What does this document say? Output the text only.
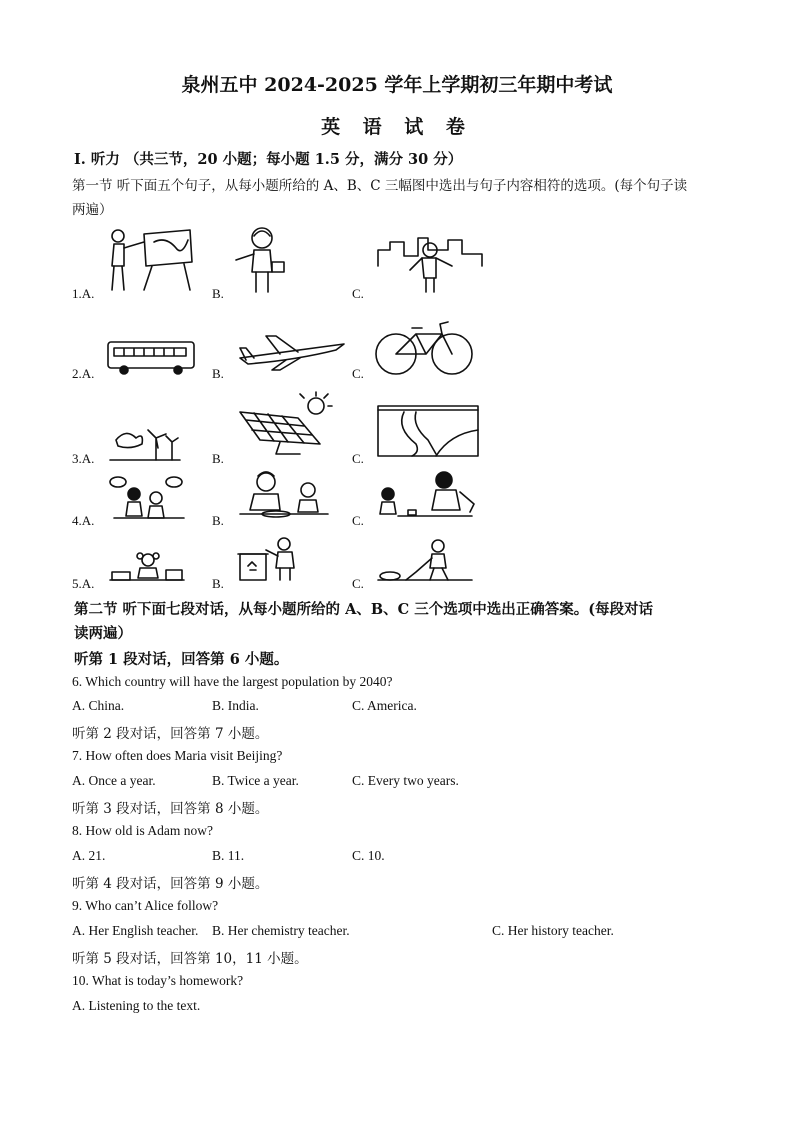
泉州五中 2024-2025 学年上学期初三年期中考试
英 语 试 卷
Ⅰ. 听力 （共三节，20 小题；每小题 1.5 分，满分 30 分）
第一节 听下面五个句子，从每小题所给的 A、B、C 三幅图中选出与句子内容相符的选项。(每个句子读
两遍）
1.A.	B.	C.
2.A.	B.	C.
3.A.	B.	C.
4.A.	B.	C.
5.A.	B.	C.
第二节 听下面七段对话，从每小题所给的 A、B、C 三个选项中选出正确答案。(每段对话
读两遍）
听第 1 段对话，回答第 6 小题。
6. Which country will have the largest population by 2040?
A. China.	B. India.	C. America.
听第 2 段对话，回答第 7 小题。
7. How often does Maria visit Beijing?
A. Once a year.	B. Twice a year.	C. Every two years.
听第 3 段对话，回答第 8 小题。
8. How old is Adam now?
A. 21.	B. 11.	C. 10.
听第 4 段对话，回答第 9 小题。
9. Who can’t Alice follow?
A. Her English teacher. B. Her chemistry teacher.	C. Her history teacher.
听第 5 段对话，回答第 10，11 小题。
10. What is today’s homework?
A. Listening to the text.
